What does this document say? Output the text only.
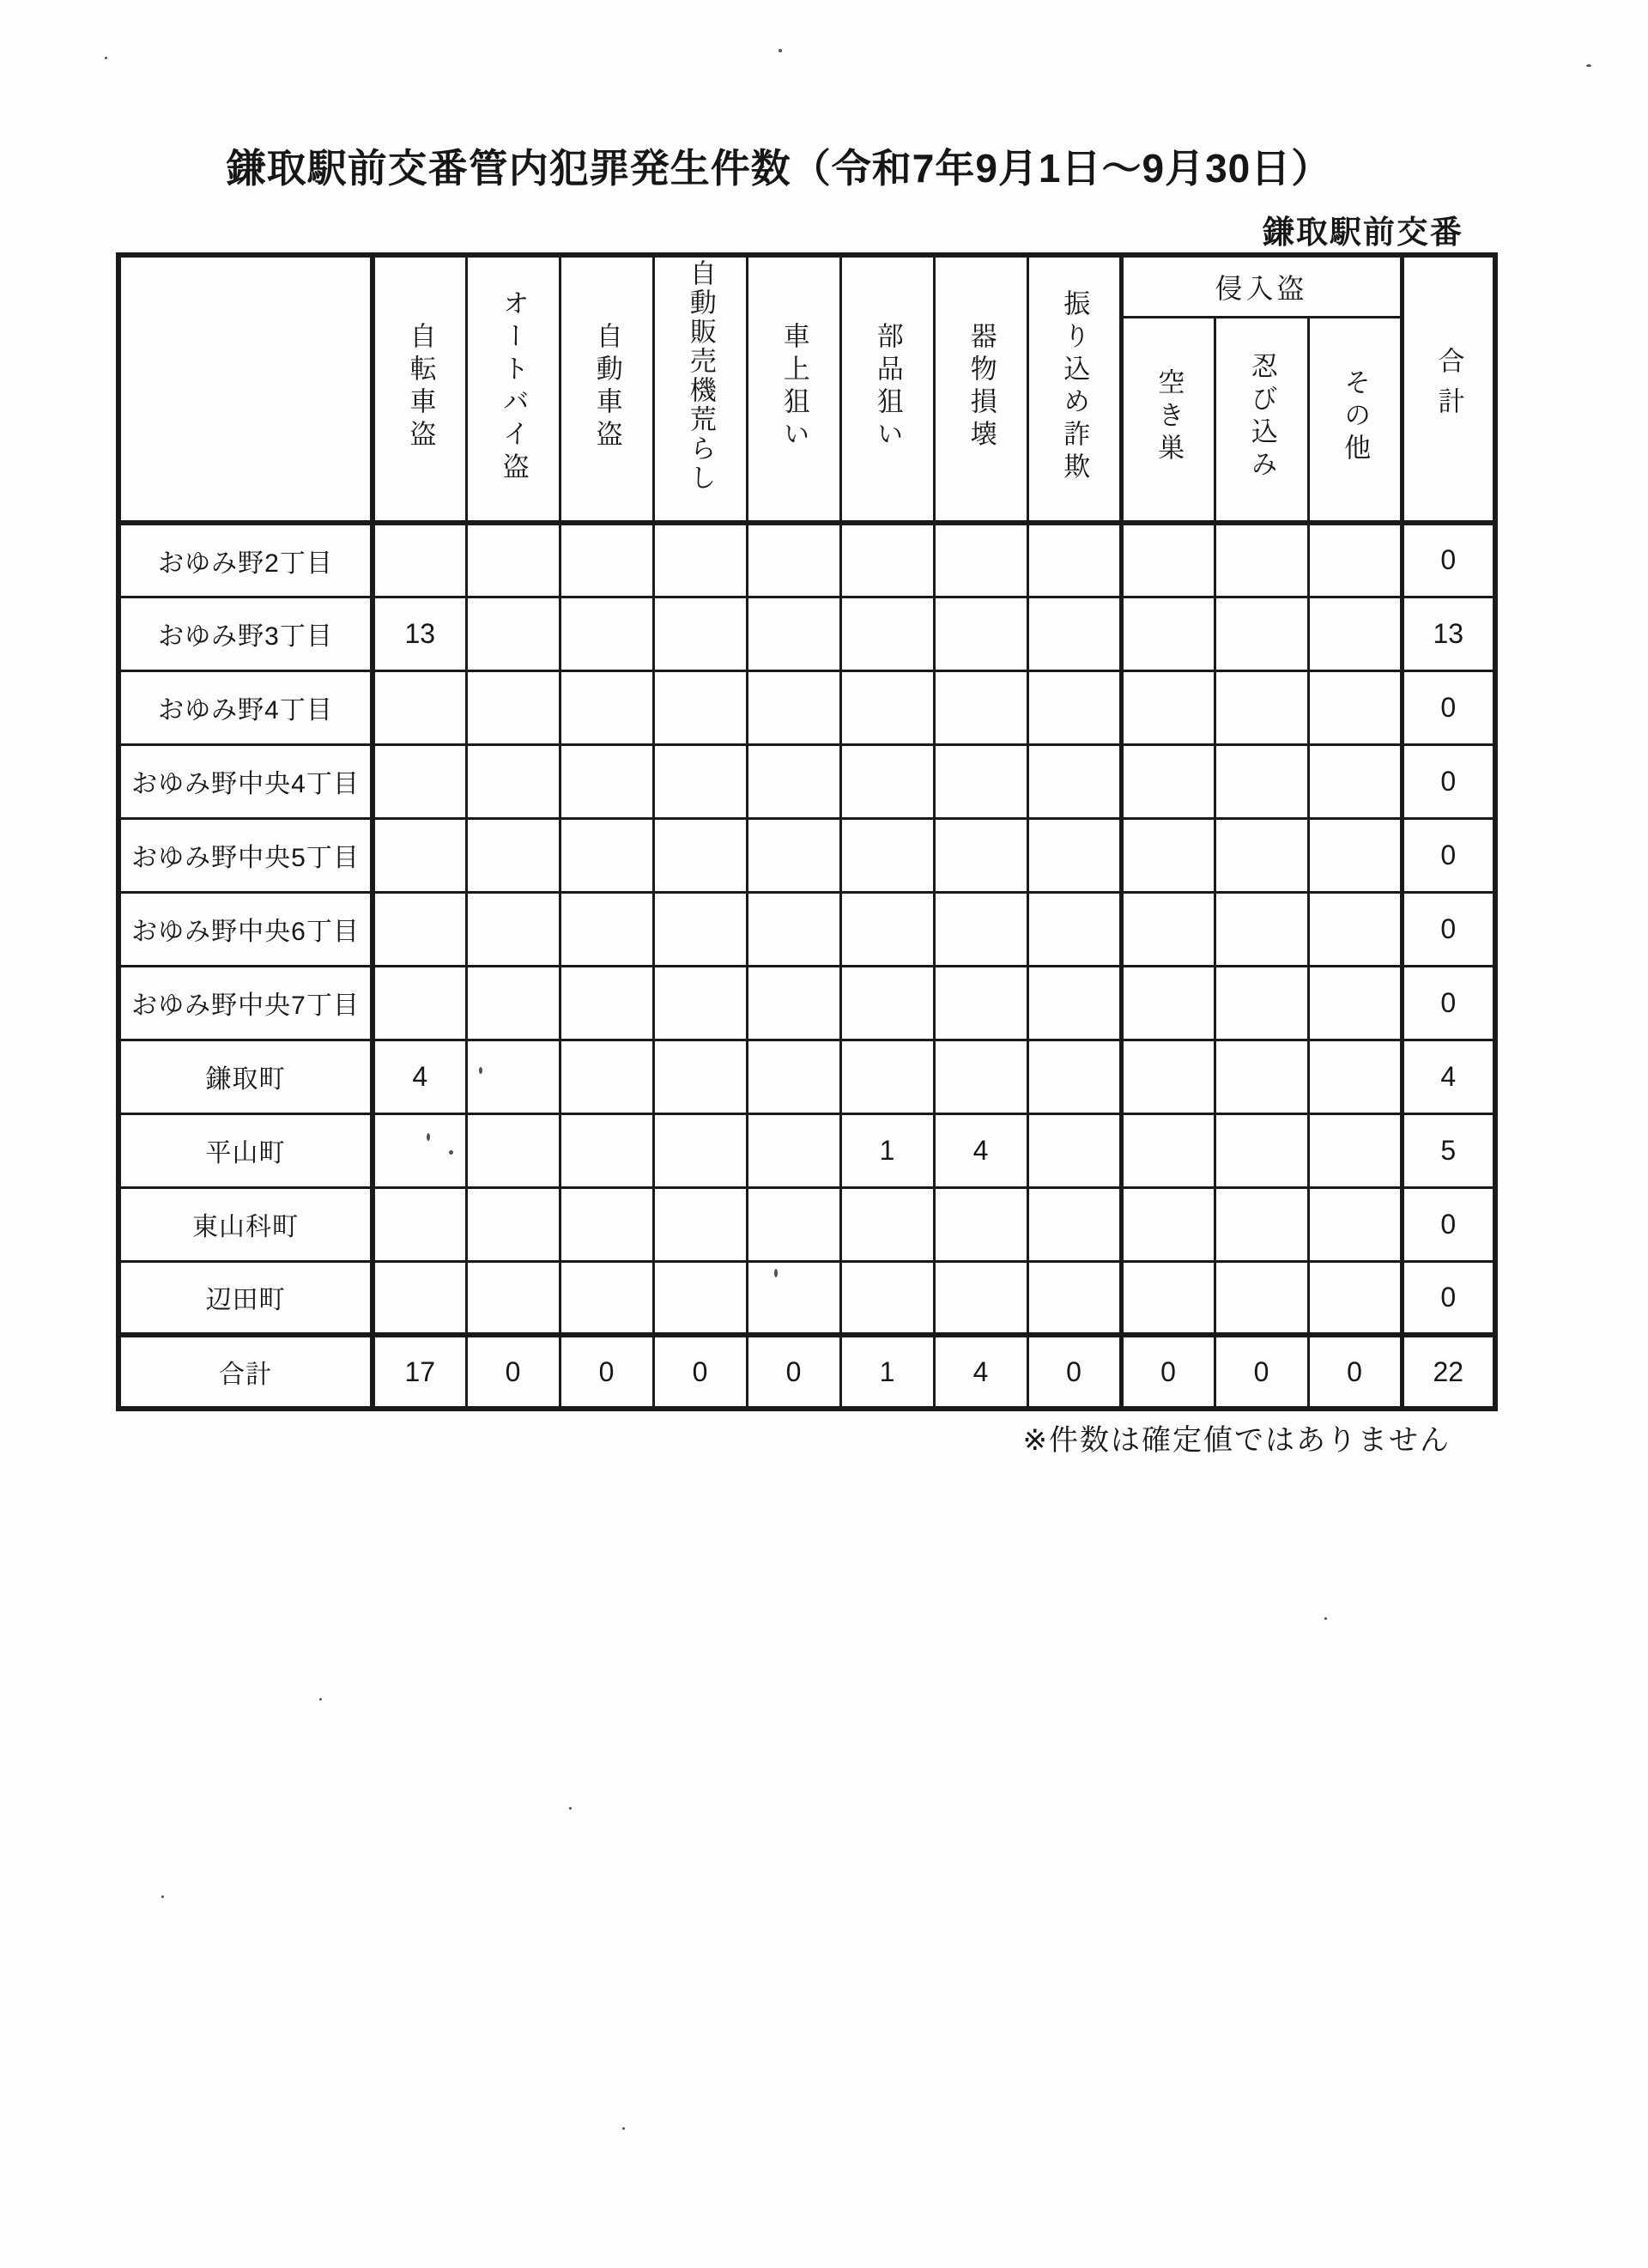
鎌取駅前交番管内犯罪発生件数（令和7年9月1日～9月30日）
鎌取駅前交番
	自転車盗	オートバイ盗	自動車盗	自動販売機荒らし	車上狙い	部品狙い	器物損壊	振り込め詐欺	侵入盗			合計
									空き巣	忍び込み	その他	
おゆみ野2丁目												0
おゆみ野3丁目	13											13
おゆみ野4丁目												0
おゆみ野中央4丁目												0
おゆみ野中央5丁目												0
おゆみ野中央6丁目												0
おゆみ野中央7丁目												0
鎌取町	4											4
平山町						1	4					5
東山科町												0
辺田町												0
合計	17	0	0	0	0	1	4	0	0	0	0	22
※件数は確定値ではありません
